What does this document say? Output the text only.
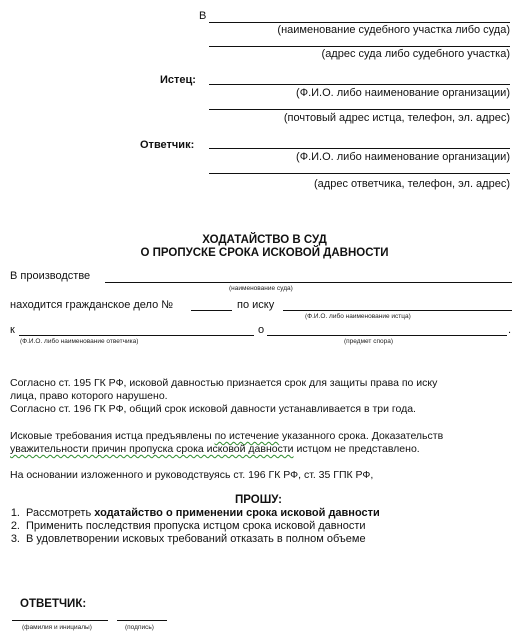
В
(наименование судебного участка либо суда)
(адрес суда либо судебного участка)
Истец:
(Ф.И.О. либо наименование организации)
(почтовый адрес истца, телефон, эл. адрес)
Ответчик:
(Ф.И.О. либо наименование организации)
(адрес ответчика, телефон, эл. адрес)
ХОДАТАЙСТВО В СУД
О ПРОПУСКЕ СРОКА ИСКОВОЙ ДАВНОСТИ
В производстве
(наименование суда)
находится гражданское дело №	по иску
(Ф.И.О. либо наименование истца)
к	о	.
(Ф.И.О. либо наименование ответчика)	(предмет спора)
Согласно ст. 195 ГК РФ, исковой давностью признается срок для защиты права по иску
лица, право которого нарушено.
Согласно ст. 196 ГК РФ, общий срок исковой давности устанавливается в три года.
Исковые требования истца предъявлены по истечение указанного срока. Доказательств
уважительности причин пропуска срока исковой давности истцом не представлено.
На основании изложенного и руководствуясь ст. 196 ГК РФ, ст. 35 ГПК РФ,
ПРОШУ:
1. Рассмотреть ходатайство о применении срока исковой давности
2. Применить последствия пропуска истцом срока исковой давности
3. В удовлетворении исковых требований отказать в полном объеме
ОТВЕТЧИК:
(фамилия и инициалы)	(подпись)
